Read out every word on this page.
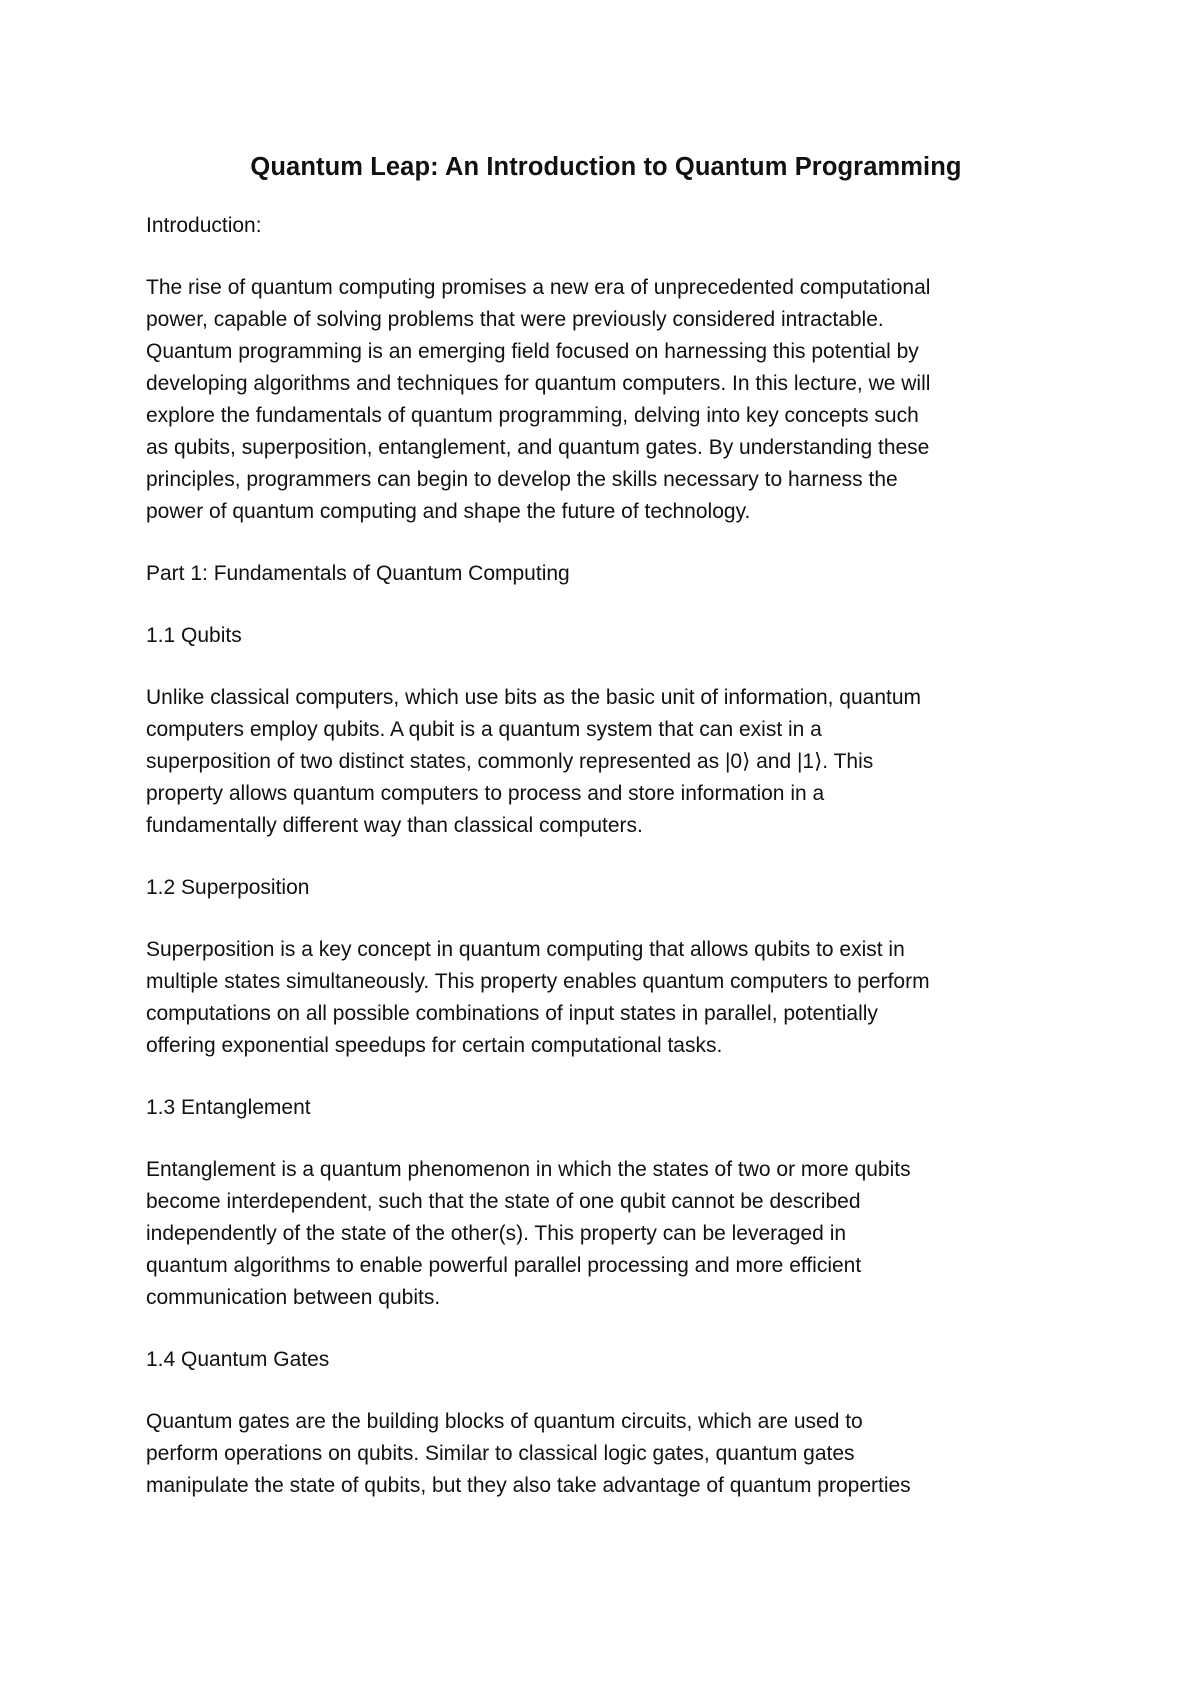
Quantum Leap: An Introduction to Quantum Programming
Introduction:
The rise of quantum computing promises a new era of unprecedented computational
power, capable of solving problems that were previously considered intractable.
Quantum programming is an emerging field focused on harnessing this potential by
developing algorithms and techniques for quantum computers. In this lecture, we will
explore the fundamentals of quantum programming, delving into key concepts such
as qubits, superposition, entanglement, and quantum gates. By understanding these
principles, programmers can begin to develop the skills necessary to harness the
power of quantum computing and shape the future of technology.
Part 1: Fundamentals of Quantum Computing
1.1 Qubits
Unlike classical computers, which use bits as the basic unit of information, quantum
computers employ qubits. A qubit is a quantum system that can exist in a
superposition of two distinct states, commonly represented as |0⟩ and |1⟩. This
property allows quantum computers to process and store information in a
fundamentally different way than classical computers.
1.2 Superposition
Superposition is a key concept in quantum computing that allows qubits to exist in
multiple states simultaneously. This property enables quantum computers to perform
computations on all possible combinations of input states in parallel, potentially
offering exponential speedups for certain computational tasks.
1.3 Entanglement
Entanglement is a quantum phenomenon in which the states of two or more qubits
become interdependent, such that the state of one qubit cannot be described
independently of the state of the other(s). This property can be leveraged in
quantum algorithms to enable powerful parallel processing and more efficient
communication between qubits.
1.4 Quantum Gates
Quantum gates are the building blocks of quantum circuits, which are used to
perform operations on qubits. Similar to classical logic gates, quantum gates
manipulate the state of qubits, but they also take advantage of quantum properties
